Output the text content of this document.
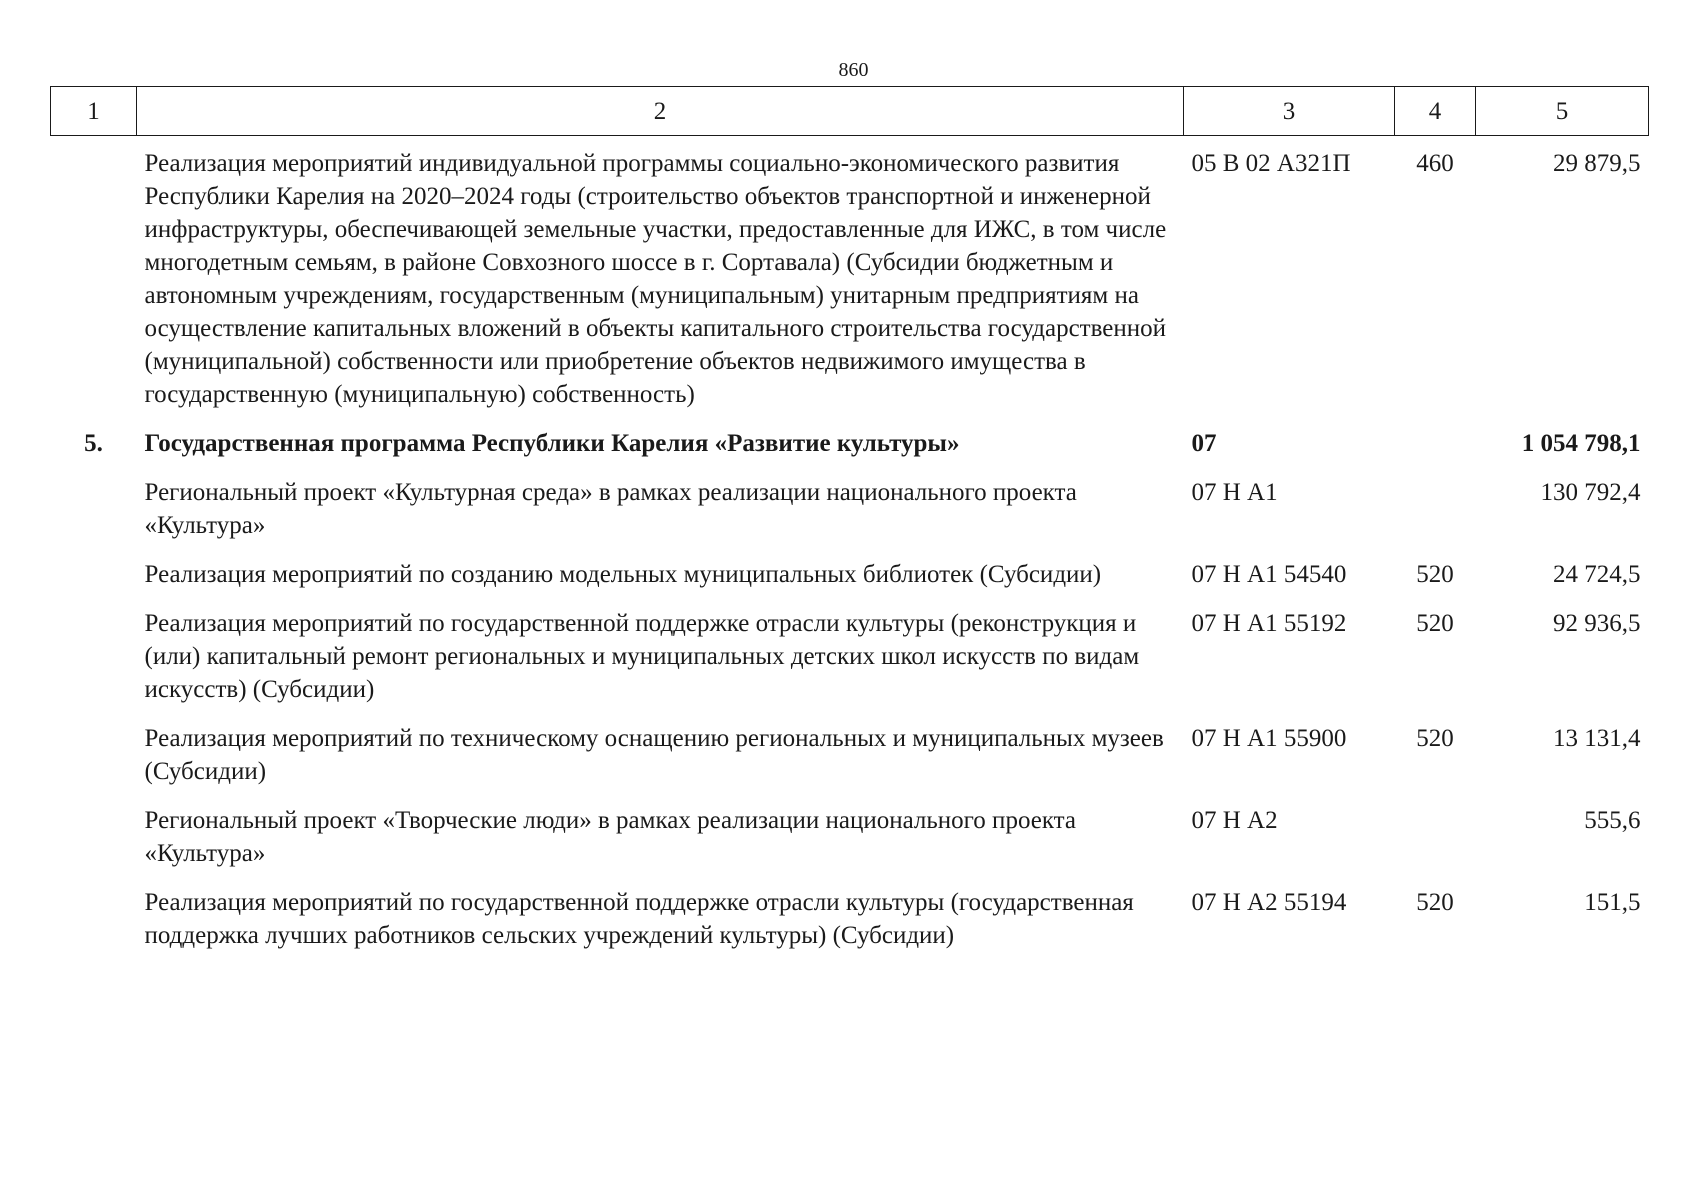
860
1	2	3	4	5
	Реализация мероприятий индивидуальной программы социально-экономического развития Республики Карелия на 2020–2024 годы (строительство объектов транспортной и инженерной инфраструктуры, обеспечивающей земельные участки, предоставленные для ИЖС, в том числе многодетным семьям, в районе Совхозного шоссе в г. Сортавала) (Субсидии бюджетным и автономным учреждениям, государственным (муниципальным) унитарным предприятиям на осуществление капитальных вложений в объекты капитального строительства государственной (муниципальной) собственности или приобретение объектов недвижимого имущества в государственную (муниципальную) собственность)	05 В 02 А321П	460	29 879,5
5.	Государственная программа Республики Карелия «Развитие культуры»	07		1 054 798,1
	Региональный проект «Культурная среда» в рамках реализации национального проекта «Культура»	07 Н А1		130 792,4
	Реализация мероприятий по созданию модельных муниципальных библиотек (Субсидии)	07 Н А1 54540	520	24 724,5
	Реализация мероприятий по государственной поддержке отрасли культуры (реконструкция и (или) капитальный ремонт региональных и муниципальных детских школ искусств по видам искусств) (Субсидии)	07 Н А1 55192	520	92 936,5
	Реализация мероприятий по техническому оснащению региональных и муниципальных музеев (Субсидии)	07 Н А1 55900	520	13 131,4
	Региональный проект «Творческие люди» в рамках реализации национального проекта «Культура»	07 Н А2		555,6
	Реализация мероприятий по государственной поддержке отрасли культуры (государственная поддержка лучших работников сельских учреждений культуры) (Субсидии)	07 Н А2 55194	520	151,5
